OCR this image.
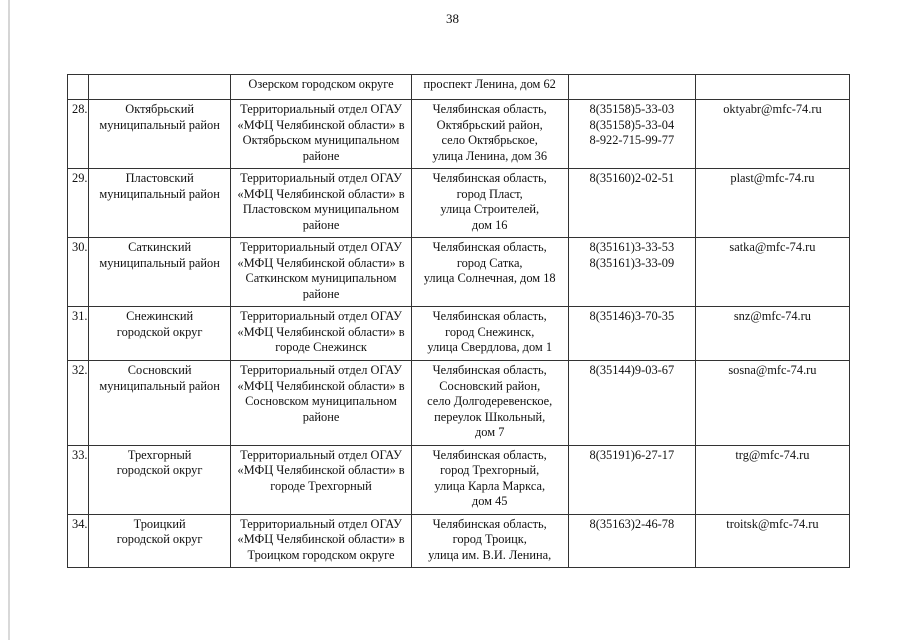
38

		Озерском городском округе	проспект Ленина, дом 62		

28.	Октябрьский
муниципальный район	Территориальный отдел ОГАУ
«МФЦ Челябинской области» в
Октябрьском муниципальном
районе	Челябинская область,
Октябрьский район,
село Октябрьское,
улица Ленина, дом 36	8(35158)5-33-03
8(35158)5-33-04
8-922-715-99-77	oktyabr@mfc-74.ru
29.	Пластовский
муниципальный район	Территориальный отдел ОГАУ
«МФЦ Челябинской области» в
Пластовском муниципальном
районе	Челябинская область,
город Пласт,
улица Строителей,
дом 16	8(35160)2-02-51	plast@mfc-74.ru
30.	Саткинский
муниципальный район	Территориальный отдел ОГАУ
«МФЦ Челябинской области» в
Саткинском муниципальном
районе	Челябинская область,
город Сатка,
улица Солнечная, дом 18	8(35161)3-33-53
8(35161)3-33-09	satka@mfc-74.ru
31.	Снежинский
городской округ	Территориальный отдел ОГАУ
«МФЦ Челябинской области» в
городе Снежинск	Челябинская область,
город Снежинск,
улица Свердлова, дом 1	8(35146)3-70-35	snz@mfc-74.ru
32.	Сосновский
муниципальный район	Территориальный отдел ОГАУ
«МФЦ Челябинской области» в
Сосновском муниципальном
районе	Челябинская область,
Сосновский район,
село Долгодеревенское,
переулок Школьный,
дом 7	8(35144)9-03-67	sosna@mfc-74.ru
33.	Трехгорный
городской округ	Территориальный отдел ОГАУ
«МФЦ Челябинской области» в
городе Трехгорный	Челябинская область,
город Трехгорный,
улица Карла Маркса,
дом 45	8(35191)6-27-17	trg@mfc-74.ru
34.	Троицкий
городской округ	Территориальный отдел ОГАУ
«МФЦ Челябинской области» в
Троицком городском округе	Челябинская область,
город Троицк,
улица им. В.И. Ленина,	8(35163)2-46-78	troitsk@mfc-74.ru
